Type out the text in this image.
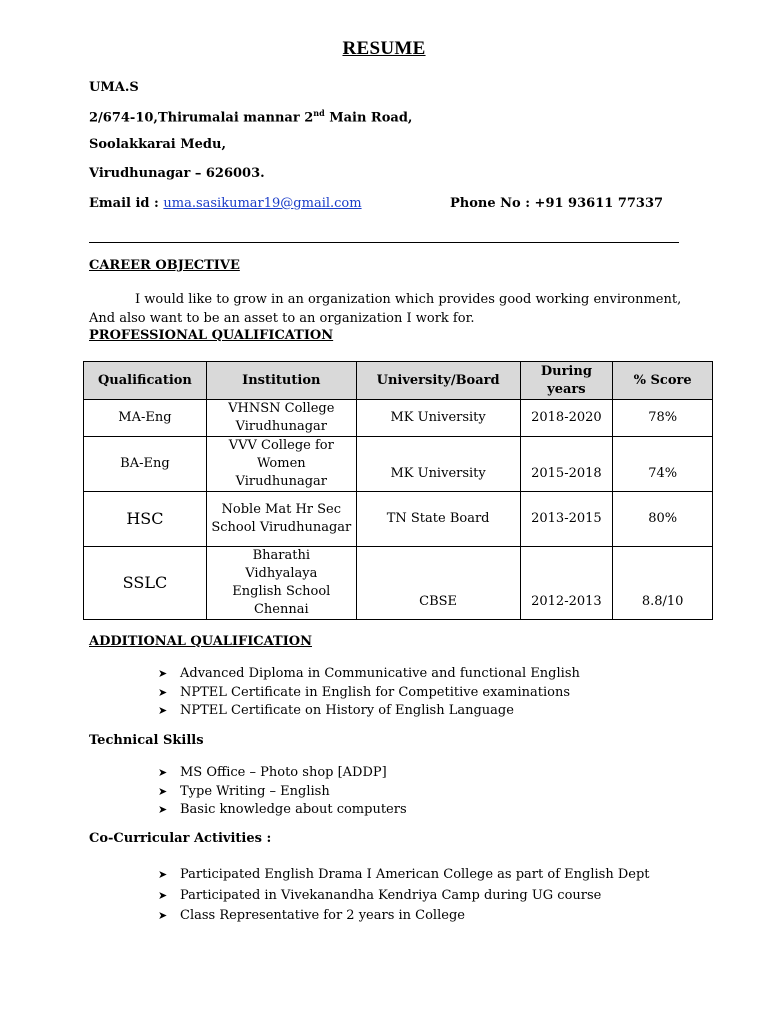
RESUME
UMA.S
2/674-10,Thirumalai mannar 2nd Main Road,
Soolakkarai Medu,
Virudhunagar – 626003.
Email id : uma.sasikumar19@gmail.com	Phone No : +91 93611 77337
CAREER OBJECTIVE
I would like to grow in an organization which provides good working environment,
And also want to be an asset to an organization I work for.
PROFESSIONAL QUALIFICATION
Qualification	Institution	University/Board	During years	% Score
MA-Eng	VHNSN College Virudhunagar	MK University	2018-2020	78%
BA-Eng	VVV College for Women Virudhunagar	MK University	2015-2018	74%
HSC	Noble Mat Hr Sec School Virudhunagar	TN State Board	2013-2015	80%
SSLC	Bharathi Vidhyalaya English School Chennai	CBSE	2012-2013	8.8/10
ADDITIONAL QUALIFICATION
➤ Advanced Diploma in Communicative and functional English
➤ NPTEL Certificate in English for Competitive examinations
➤ NPTEL Certificate on History of English Language
Technical Skills
➤ MS Office – Photo shop [ADDP]
➤ Type Writing – English
➤ Basic knowledge about computers
Co-Curricular Activities :
➤ Participated English Drama I American College as part of English Dept
➤ Participated in Vivekanandha Kendriya Camp during UG course
➤ Class Representative for 2 years in College
